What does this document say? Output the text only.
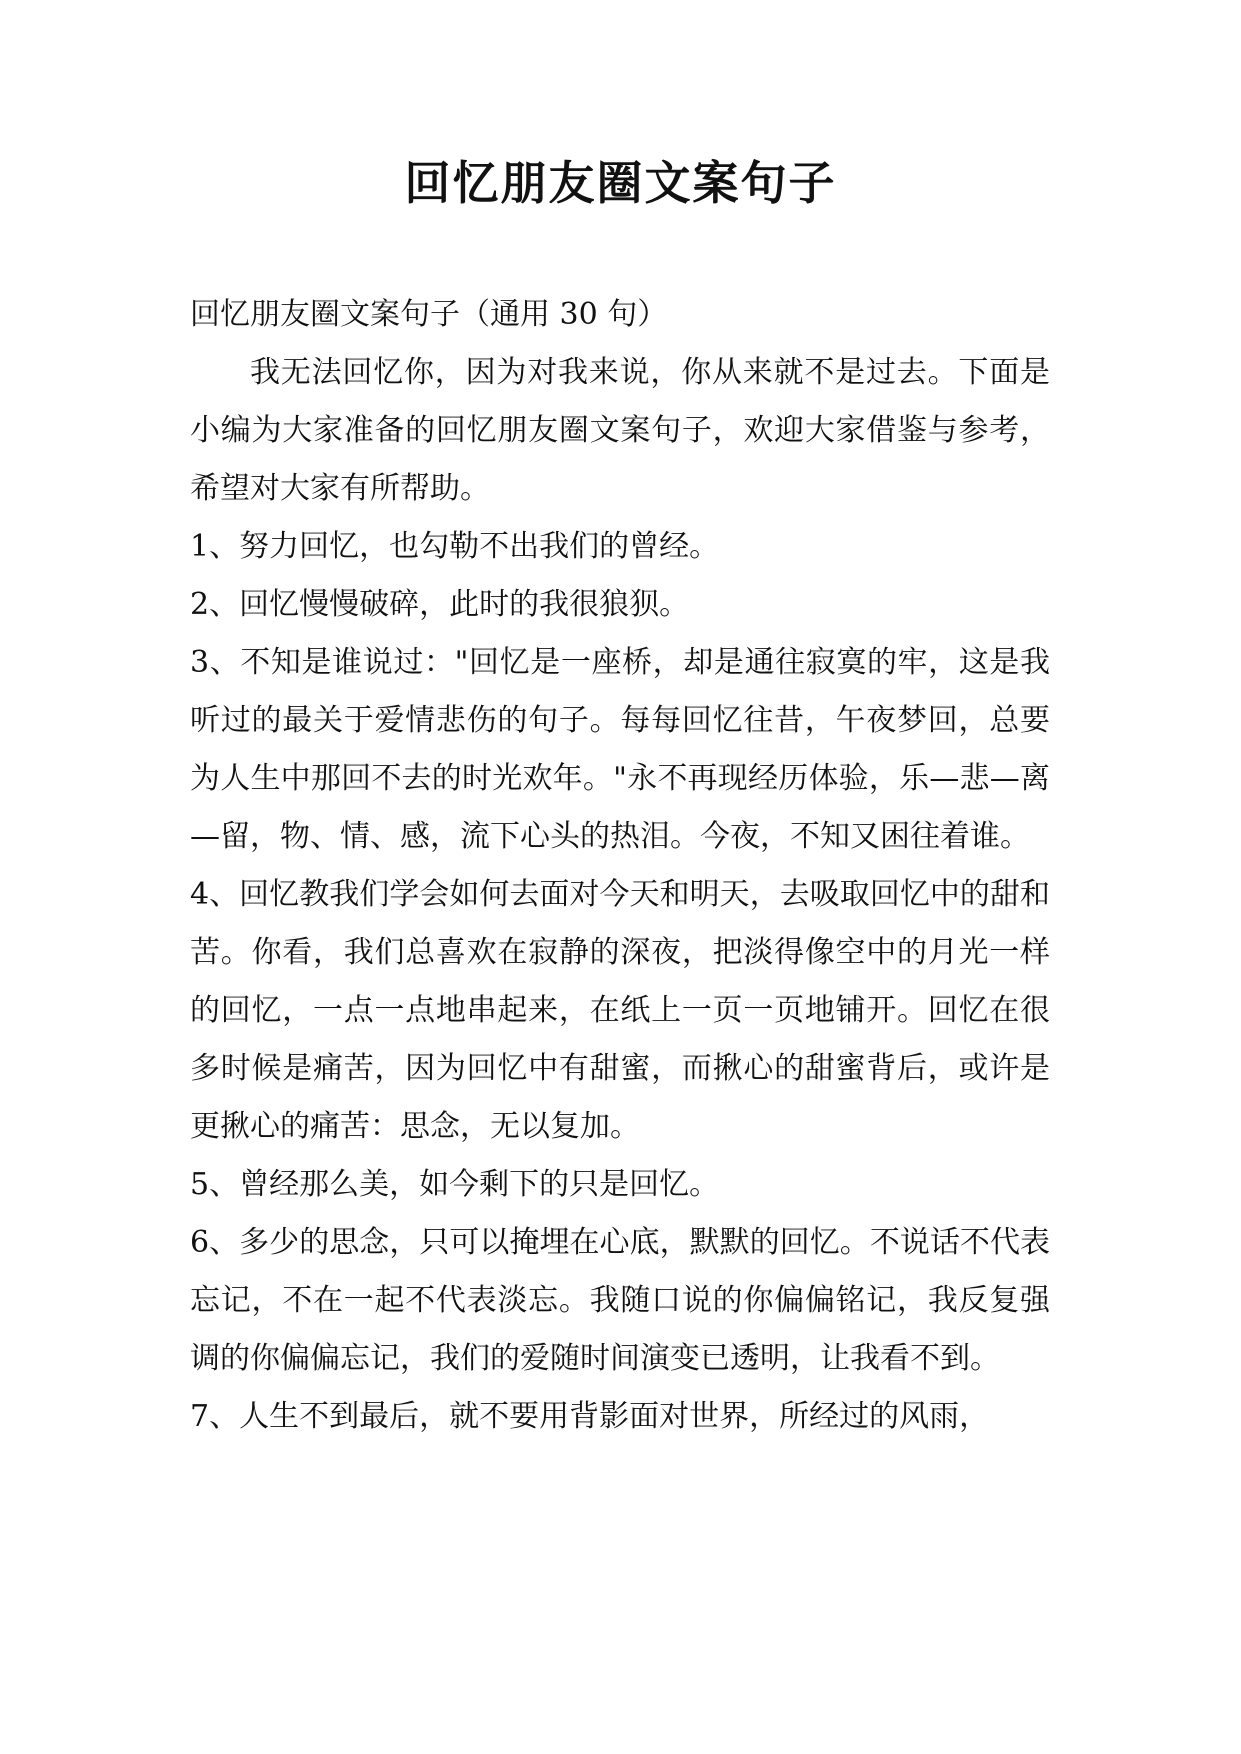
回忆朋友圈文案句子

回忆朋友圈文案句子（通用 30 句）

我无法回忆你，因为对我来说，你从来就不是过去。下面是小编为大家准备的回忆朋友圈文案句子，欢迎大家借鉴与参考，希望对大家有所帮助。

1、努力回忆，也勾勒不出我们的曾经。

2、回忆慢慢破碎，此时的我很狼狈。

3、不知是谁说过："回忆是一座桥，却是通往寂寞的牢，这是我听过的最关于爱情悲伤的句子。每每回忆往昔，午夜梦回，总要为人生中那回不去的时光欢年。"永不再现经历体验，乐—悲—离—留，物、情、感，流下心头的热泪。今夜，不知又困往着谁。

4、回忆教我们学会如何去面对今天和明天，去吸取回忆中的甜和苦。你看，我们总喜欢在寂静的深夜，把淡得像空中的月光一样的回忆，一点一点地串起来，在纸上一页一页地铺开。回忆在很多时候是痛苦，因为回忆中有甜蜜，而揪心的甜蜜背后，或许是更揪心的痛苦：思念，无以复加。

5、曾经那么美，如今剩下的只是回忆。

6、多少的思念，只可以掩埋在心底，默默的回忆。不说话不代表忘记，不在一起不代表淡忘。我随口说的你偏偏铭记，我反复强调的你偏偏忘记，我们的爱随时间演变已透明，让我看不到。

7、人生不到最后，就不要用背影面对世界，所经过的风雨，
